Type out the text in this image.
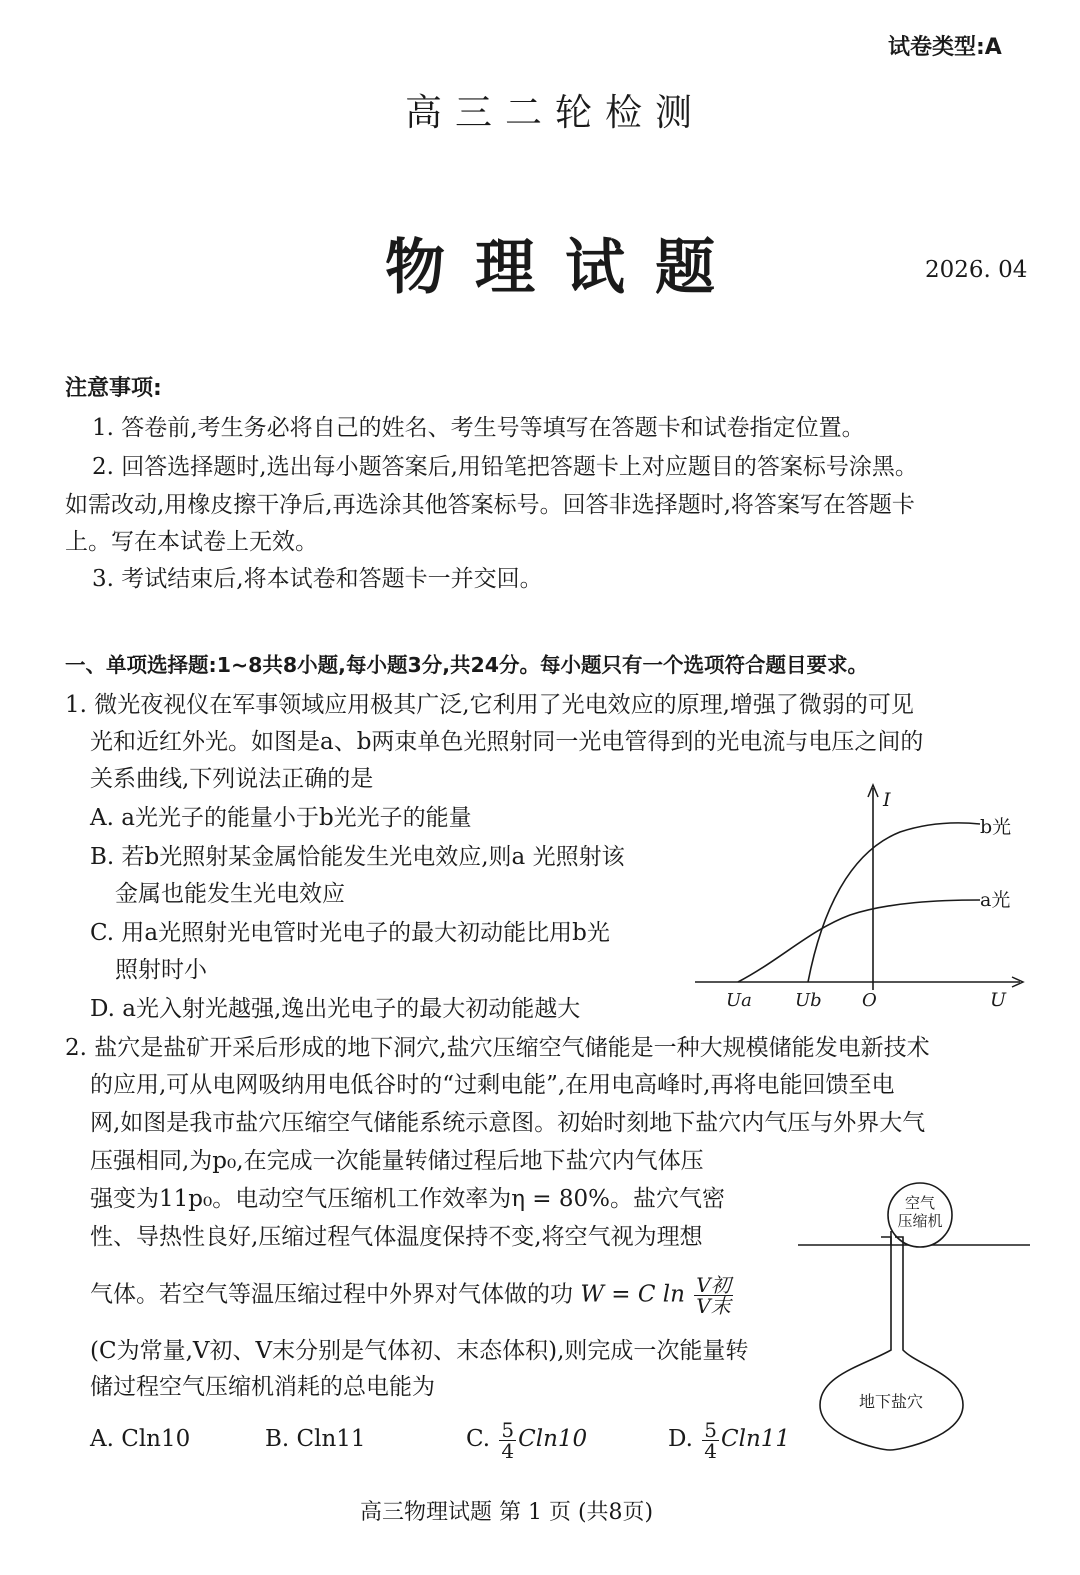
试卷类型:A
高三二轮检测
物理试题	2026. 04
注意事项:
1. 答卷前,考生务必将自己的姓名、考生号等填写在答题卡和试卷指定位置。
2. 回答选择题时,选出每小题答案后,用铅笔把答题卡上对应题目的答案标号涂黑。
如需改动,用橡皮擦干净后,再选涂其他答案标号。回答非选择题时,将答案写在答题卡
上。写在本试卷上无效。
3. 考试结束后,将本试卷和答题卡一并交回。
一、单项选择题:1~8共8小题,每小题3分,共24分。每小题只有一个选项符合题目要求。
1. 微光夜视仪在军事领域应用极其广泛,它利用了光电效应的原理,增强了微弱的可见
光和近红外光。如图是a、b两束单色光照射同一光电管得到的光电流与电压之间的
关系曲线,下列说法正确的是
A. a光光子的能量小于b光光子的能量
B. 若b光照射某金属恰能发生光电效应,则a 光照射该
金属也能发生光电效应
C. 用a光照射光电管时光电子的最大初动能比用b光
照射时小
D. a光入射光越强,逸出光电子的最大初动能越大
I
b光
a光
Ua Ub O	U
2. 盐穴是盐矿开采后形成的地下洞穴,盐穴压缩空气储能是一种大规模储能发电新技术
的应用,可从电网吸纳用电低谷时的“过剩电能”,在用电高峰时,再将电能回馈至电
网,如图是我市盐穴压缩空气储能系统示意图。初始时刻地下盐穴内气压与外界大气
压强相同,为p₀,在完成一次能量转储过程后地下盐穴内气体压
强变为11p₀。电动空气压缩机工作效率为η = 80%。盐穴气密
性、导热性良好,压缩过程气体温度保持不变,将空气视为理想
气体。若空气等温压缩过程中外界对气体做的功 W = C $\ln \frac{\text{V初}}{\text{V末}}$
(C为常量,V初、V末分别是气体初、末态体积),则完成一次能量转
储过程空气压缩机消耗的总电能为
A. Cln10	B. Cln11	C. $\frac{5}{4} Cln10$	D. $\frac{5}{4} Cln11$
空气
压缩机
地下盐穴
高三物理试题 第 1 页 (共8页)
